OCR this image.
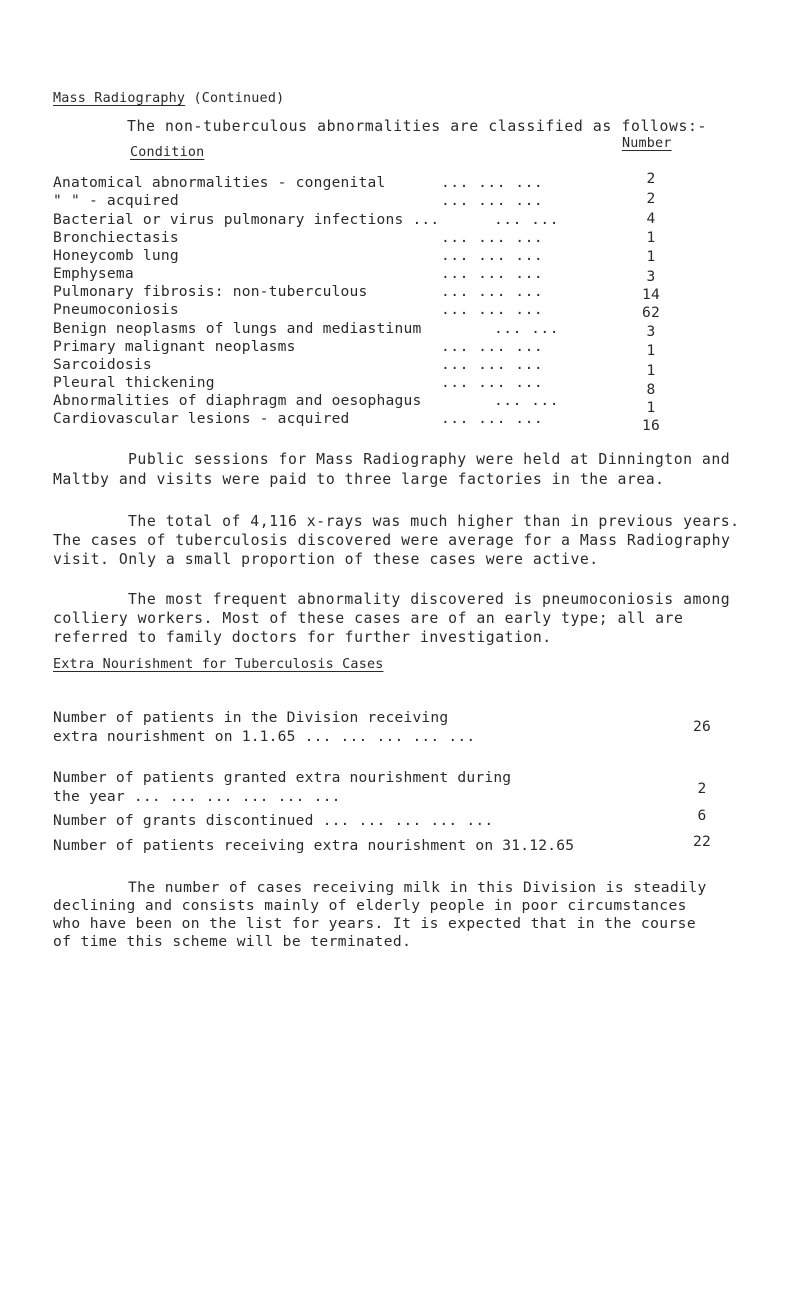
Mass Radiography (Continued)
The non-tuberculous abnormalities are classified as follows:-
Condition
Number
Anatomical abnormalities - congenital	... ... ...	2
" " - acquired	... ... ...	2
Bacterial or virus pulmonary infections ...	... ...	4
Bronchiectasis	... ... ...	1
Honeycomb lung	... ... ...	1
Emphysema	... ... ...	3
Pulmonary fibrosis: non-tuberculous	... ... ...	14
Pneumoconiosis	... ... ...	62
Benign neoplasms of lungs and mediastinum	... ...	3
Primary malignant neoplasms	... ... ...	1
Sarcoidosis	... ... ...	1
Pleural thickening	... ... ...	8
Abnormalities of diaphragm and oesophagus	... ...	1
Cardiovascular lesions - acquired	... ... ...	16
Public sessions for Mass Radiography were held at Dinnington and
Maltby and visits were paid to three large factories in the area.
The total of 4,116 x-rays was much higher than in previous years.
The cases of tuberculosis discovered were average for a Mass Radiography
visit. Only a small proportion of these cases were active.
The most frequent abnormality discovered is pneumoconiosis among
colliery workers. Most of these cases are of an early type; all are
referred to family doctors for further investigation.
Extra Nourishment for Tuberculosis Cases
Number of patients in the Division receiving
extra nourishment on 1.1.65 ... ... ... ... ...
26
Number of patients granted extra nourishment during
the year ... ... ... ... ... ...	2
Number of grants discontinued ... ... ... ... ...	6
Number of patients receiving extra nourishment on 31.12.65	22
The number of cases receiving milk in this Division is steadily
declining and consists mainly of elderly people in poor circumstances
who have been on the list for years. It is expected that in the course
of time this scheme will be terminated.
